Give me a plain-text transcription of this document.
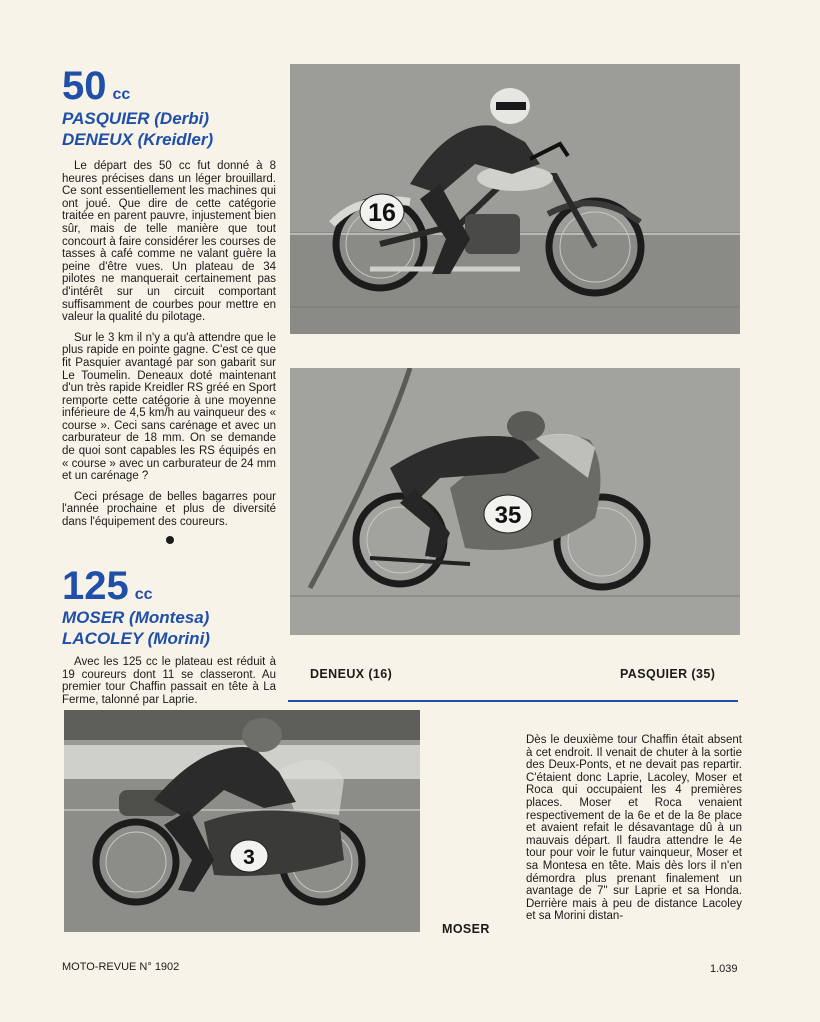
50 cc
PASQUIER (Derbi)
DENEUX (Kreidler)

Le départ des 50 cc fut donné à 8 heures précises dans un léger brouillard. Ce sont essentiellement les machines qui ont joué. Que dire de cette catégorie traitée en parent pauvre, injustement bien sûr, mais de telle manière que tout concourt à faire considérer les courses de tasses à café comme ne valant guère la peine d'être vues. Un plateau de 34 pilotes ne manquerait certainement pas d'intérêt sur un circuit comportant suffisamment de courbes pour mettre en valeur la qualité du pilotage.

Sur le 3 km il n'y a qu'à attendre que le plus rapide en pointe gagne. C'est ce que fit Pasquier avantagé par son gabarit sur Le Toumelin. Deneaux doté maintenant d'un très rapide Kreidler RS gréé en Sport remporte cette catégorie à une moyenne inférieure de 4,5 km/h au vainqueur des « course ». Ceci sans carénage et avec un carburateur de 18 mm. On se demande de quoi sont capables les RS équipés en « course » avec un carburateur de 24 mm et un carénage ?

Ceci présage de belles bagarres pour l'année prochaine et plus de diversité dans l'équipement des coureurs.

125 cc
MOSER (Montesa)
LACOLEY (Morini)

Avec les 125 cc le plateau est réduit à 19 coureurs dont 11 se classeront. Au premier tour Chaffin passait en tête à La Ferme, talonné par Laprie.

16
35
DENEUX (16)	PASQUIER (35)
3
MOSER

Dès le deuxième tour Chaffin était absent à cet endroit. Il venait de chuter à la sortie des Deux-Ponts, et ne devait pas repartir. C'étaient donc Laprie, Lacoley, Moser et Roca qui occupaient les 4 premières places. Moser et Roca venaient respectivement de la 6e et de la 8e place et avaient refait le désavantage dû à un mauvais départ. Il faudra attendre le 4e tour pour voir le futur vainqueur, Moser et sa Montesa en tête. Mais dès lors il n'en démordra plus prenant finalement un avantage de 7" sur Laprie et sa Honda. Derrière mais à peu de distance Lacoley et sa Morini distan-

MOTO-REVUE N° 1902	1.039
